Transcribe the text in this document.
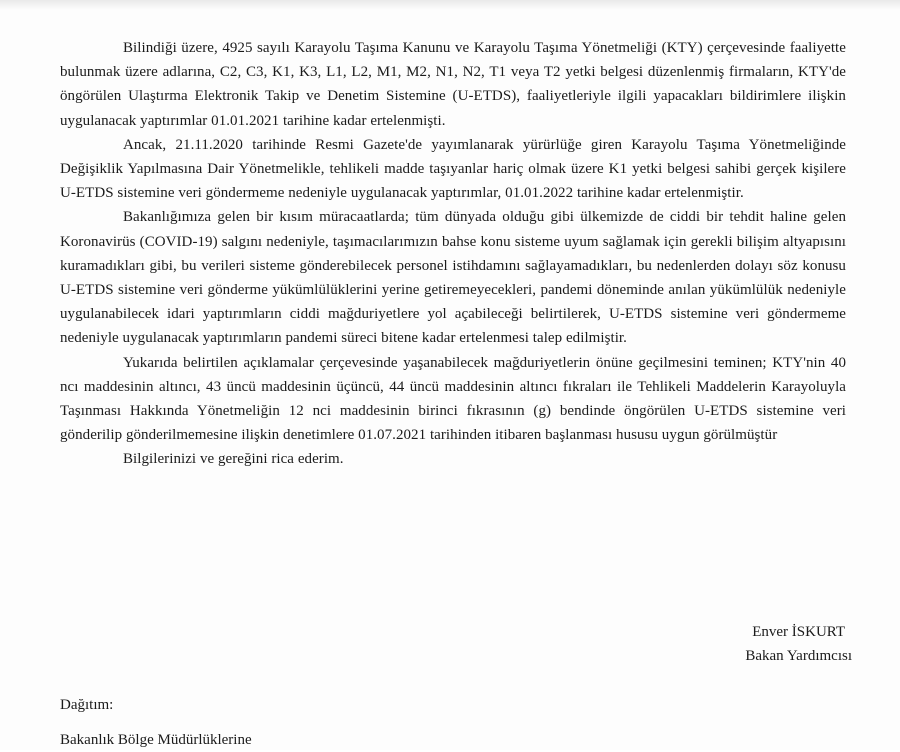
Bilindiği üzere, 4925 sayılı Karayolu Taşıma Kanunu ve Karayolu Taşıma Yönetmeliği (KTY) çerçevesinde faaliyette bulunmak üzere adlarına, C2, C3, K1, K3, L1, L2, M1, M2, N1, N2, T1 veya T2 yetki belgesi düzenlenmiş firmaların, KTY'de öngörülen Ulaştırma Elektronik Takip ve Denetim Sistemine (U-ETDS), faaliyetleriyle ilgili yapacakları bildirimlere ilişkin uygulanacak yaptırımlar 01.01.2021 tarihine kadar ertelenmişti.

Ancak, 21.11.2020 tarihinde Resmi Gazete'de yayımlanarak yürürlüğe giren Karayolu Taşıma Yönetmeliğinde Değişiklik Yapılmasına Dair Yönetmelikle, tehlikeli madde taşıyanlar hariç olmak üzere K1 yetki belgesi sahibi gerçek kişilere U-ETDS sistemine veri göndermeme nedeniyle uygulanacak yaptırımlar, 01.01.2022 tarihine kadar ertelenmiştir.

Bakanlığımıza gelen bir kısım müracaatlarda; tüm dünyada olduğu gibi ülkemizde de ciddi bir tehdit haline gelen Koronavirüs (COVID-19) salgını nedeniyle, taşımacılarımızın bahse konu sisteme uyum sağlamak için gerekli bilişim altyapısını kuramadıkları gibi, bu verileri sisteme gönderebilecek personel istihdamını sağlayamadıkları, bu nedenlerden dolayı söz konusu U-ETDS sistemine veri gönderme yükümlülüklerini yerine getiremeyecekleri, pandemi döneminde anılan yükümlülük nedeniyle uygulanabilecek idari yaptırımların ciddi mağduriyetlere yol açabileceği belirtilerek, U-ETDS sistemine veri göndermeme nedeniyle uygulanacak yaptırımların pandemi süreci bitene kadar ertelenmesi talep edilmiştir.

Yukarıda belirtilen açıklamalar çerçevesinde yaşanabilecek mağduriyetlerin önüne geçilmesini teminen; KTY'nin 40 ncı maddesinin altıncı, 43 üncü maddesinin üçüncü, 44 üncü maddesinin altıncı fıkraları ile Tehlikeli Maddelerin Karayoluyla Taşınması Hakkında Yönetmeliğin 12 nci maddesinin birinci fıkrasının (g) bendinde öngörülen U-ETDS sistemine veri gönderilip gönderilmemesine ilişkin denetimlere 01.07.2021 tarihinden itibaren başlanması hususu uygun görülmüştür

Bilgilerinizi ve gereğini rica ederim.

Enver İSKURT
Bakan Yardımcısı
Dağıtım:
Bakanlık Bölge Müdürlüklerine
